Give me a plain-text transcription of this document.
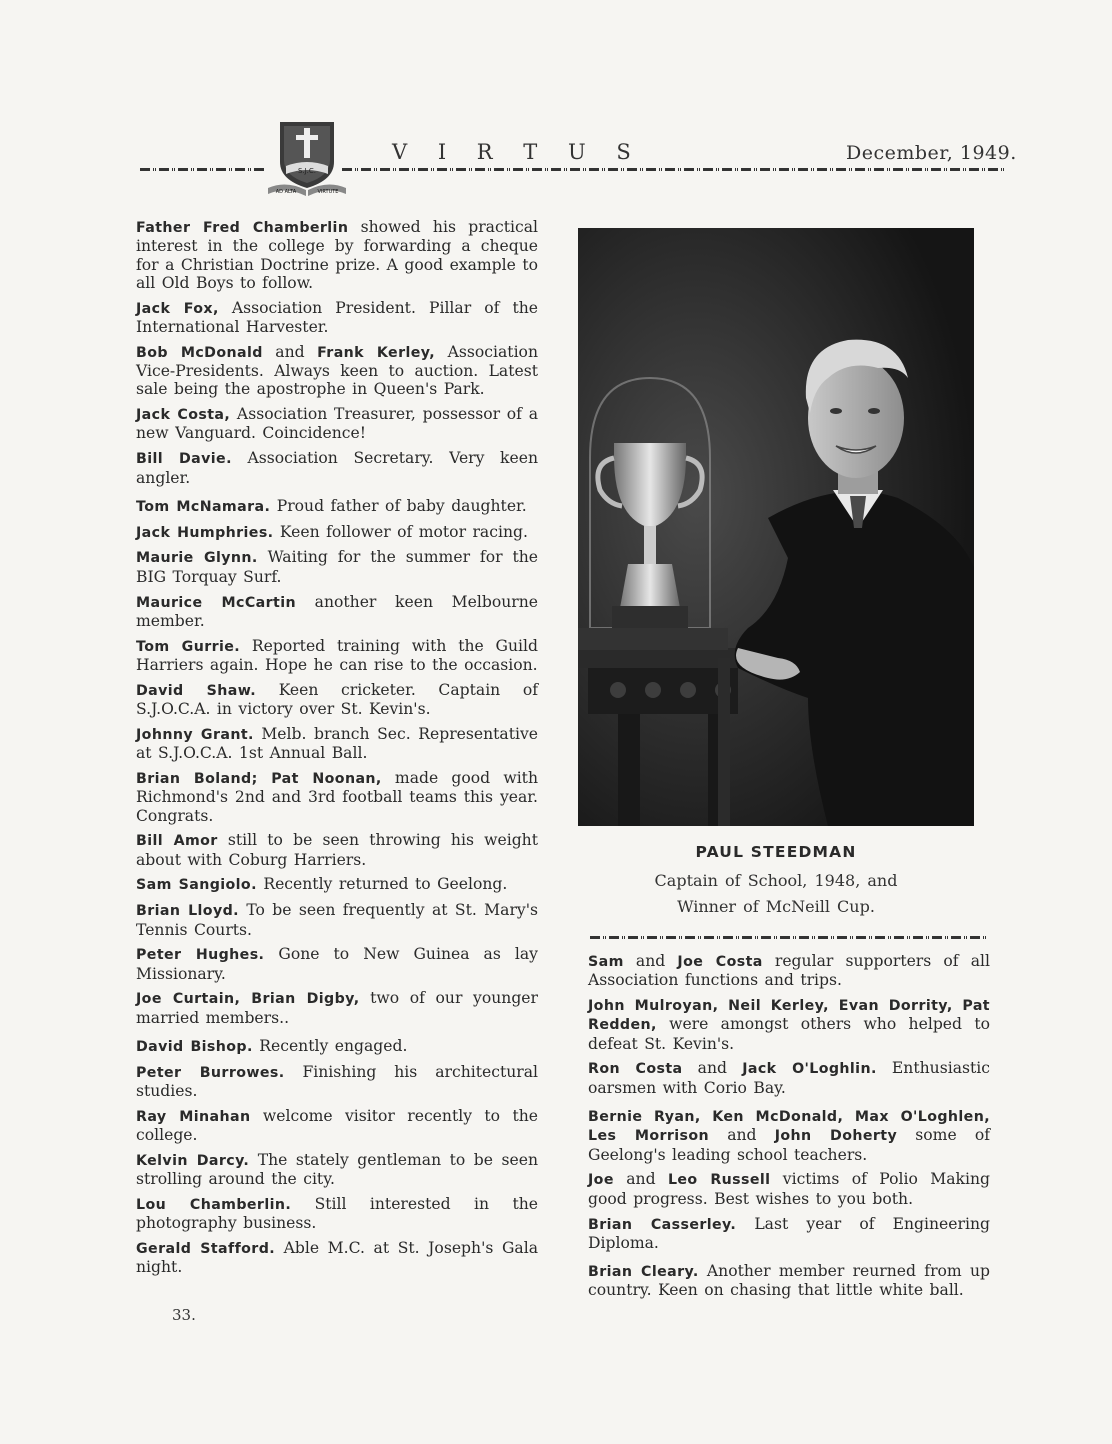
S.J.C.
AD ALTA	VIRTUTE
V I R T U S	December, 1949.

Father Fred Chamberlin showed his practical interest in the college by forwarding a cheque for a Christian Doctrine prize. A good example to all Old Boys to follow.

Jack Fox, Association President. Pillar of the International Harvester.

Bob McDonald and Frank Kerley, Association Vice-Presidents. Always keen to auction. Latest sale being the apostrophe in Queen's Park.

Jack Costa, Association Treasurer, possessor of a new Vanguard. Coincidence!

Bill Davie. Association Secretary. Very keen angler.

Tom McNamara. Proud father of baby daughter.

Jack Humphries. Keen follower of motor racing.

Maurie Glynn. Waiting for the summer for the BIG Torquay Surf.

Maurice McCartin another keen Melbourne member.

Tom Gurrie. Reported training with the Guild Harriers again. Hope he can rise to the occasion.

David Shaw. Keen cricketer. Captain of S.J.O.C.A. in victory over St. Kevin's.

Johnny Grant. Melb. branch Sec. Representative at S.J.O.C.A. 1st Annual Ball.

Brian Boland; Pat Noonan, made good with Richmond's 2nd and 3rd football teams this year. Congrats.

Bill Amor still to be seen throwing his weight about with Coburg Harriers.

Sam Sangiolo. Recently returned to Geelong.

Brian Lloyd. To be seen frequently at St. Mary's Tennis Courts.

Peter Hughes. Gone to New Guinea as lay Missionary.

Joe Curtain, Brian Digby, two of our younger married members..

David Bishop. Recently engaged.

Peter Burrowes. Finishing his architectural studies.

Ray Minahan welcome visitor recently to the college.

Kelvin Darcy. The stately gentleman to be seen strolling around the city.

Lou Chamberlin. Still interested in the photography business.

Gerald Stafford. Able M.C. at St. Joseph's Gala night.

33.
PAUL STEEDMAN
Captain of School, 1948, and
Winner of McNeill Cup.

Sam and Joe Costa regular supporters of all Association functions and trips.

John Mulroyan, Neil Kerley, Evan Dorrity, Pat Redden, were amongst others who helped to defeat St. Kevin's.

Ron Costa and Jack O'Loghlin. Enthusiastic oarsmen with Corio Bay.

Bernie Ryan, Ken McDonald, Max O'Loghlen, Les Morrison and John Doherty some of Geelong's leading school teachers.

Joe and Leo Russell victims of Polio Making good progress. Best wishes to you both.

Brian Casserley. Last year of Engineering Diploma.

Brian Cleary. Another member reurned from up country. Keen on chasing that little white ball.
